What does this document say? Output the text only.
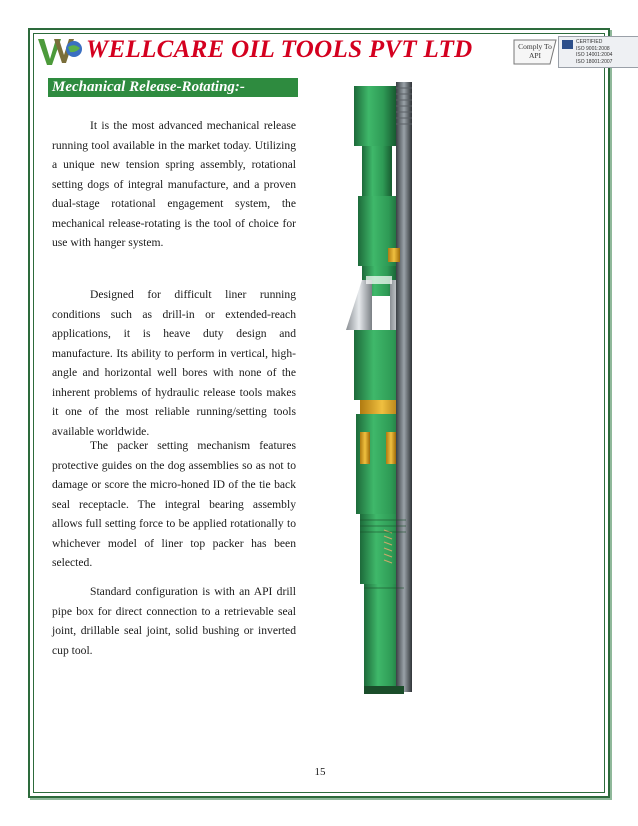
WELLCARE OIL TOOLS PVT LTD	Comply To API
CERTIFIED
ISO 9001:2008
ISO 14001:2004
ISO 18001:2007
Mechanical Release-Rotating:-

It is the most advanced mechanical release running tool available in the market today. Utilizing a unique new tension spring assembly, rotational setting dogs of integral manufacture, and a proven dual-stage rotational engagement system, the mechanical release-rotating is the tool of choice for use with hanger system.

Designed for difficult liner running conditions such as drill-in or extended-reach applications, it is heave duty design and manufacture. Its ability to perform in vertical, high-angle and horizontal well bores with none of the inherent problems of hydraulic release tools makes it one of the most reliable running/setting tools available worldwide.

The packer setting mechanism features protective guides on the dog assemblies so as not to damage or score the micro-honed ID of the tie back seal receptacle. The integral bearing assembly allows full setting force to be applied rotationally to whichever model of liner top packer has been selected.

Standard configuration is with an API drill pipe box for direct connection to a retrievable seal joint, drillable seal joint, solid bushing or inverted cup tool.

15
